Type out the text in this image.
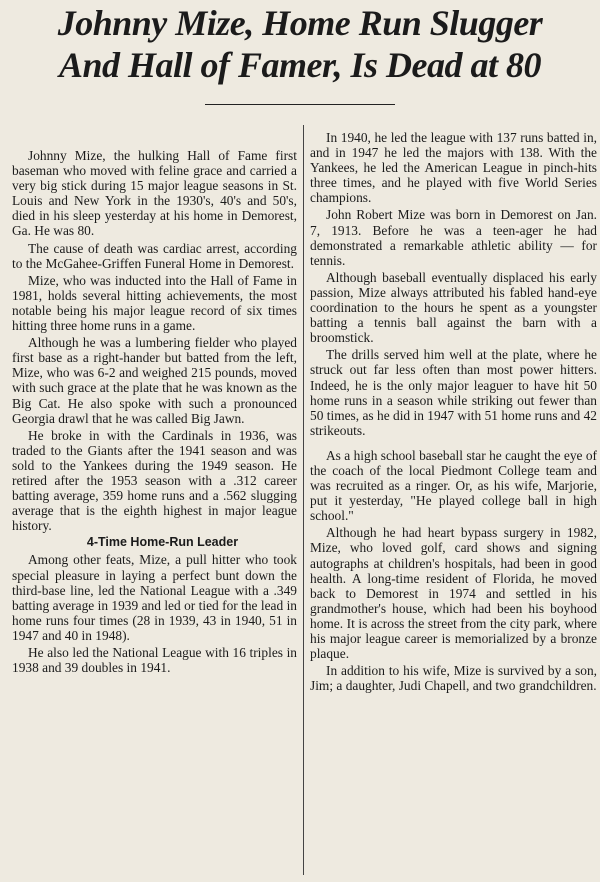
Johnny Mize, Home Run Slugger
And Hall of Famer, Is Dead at 80

Johnny Mize, the hulking Hall of Fame first baseman who moved with feline grace and carried a very big stick during 15 major league seasons in St. Louis and New York in the 1930's, 40's and 50's, died in his sleep yesterday at his home in Demorest, Ga. He was 80.

The cause of death was cardiac arrest, according to the McGahee-Griffen Funeral Home in Demorest.

Mize, who was inducted into the Hall of Fame in 1981, holds several hitting achievements, the most notable being his major league record of six times hitting three home runs in a game.

Although he was a lumbering fielder who played first base as a right-hander but batted from the left, Mize, who was 6-2 and weighed 215 pounds, moved with such grace at the plate that he was known as the Big Cat. He also spoke with such a pronounced Georgia drawl that he was called Big Jawn.

He broke in with the Cardinals in 1936, was traded to the Giants after the 1941 season and was sold to the Yankees during the 1949 season. He retired after the 1953 season with a .312 career batting average, 359 home runs and a .562 slugging average that is the eighth highest in major league history.

4-Time Home-Run Leader

Among other feats, Mize, a pull hitter who took special pleasure in laying a perfect bunt down the third-base line, led the National League with a .349 batting average in 1939 and led or tied for the lead in home runs four times (28 in 1939, 43 in 1940, 51 in 1947 and 40 in 1948).

He also led the National League with 16 triples in 1938 and 39 doubles in 1941.

In 1940, he led the league with 137 runs batted in, and in 1947 he led the majors with 138. With the Yankees, he led the American League in pinch-hits three times, and he played with five World Series champions.

John Robert Mize was born in Demorest on Jan. 7, 1913. Before he was a teen-ager he had demonstrated a remarkable athletic ability — for tennis.

Although baseball eventually displaced his early passion, Mize always attributed his fabled hand-eye coordination to the hours he spent as a youngster batting a tennis ball against the barn with a broomstick.

The drills served him well at the plate, where he struck out far less often than most power hitters. Indeed, he is the only major leaguer to have hit 50 home runs in a season while striking out fewer than 50 times, as he did in 1947 with 51 home runs and 42 strikeouts.

As a high school baseball star he caught the eye of the coach of the local Piedmont College team and was recruited as a ringer. Or, as his wife, Marjorie, put it yesterday, "He played college ball in high school."

Although he had heart bypass surgery in 1982, Mize, who loved golf, card shows and signing autographs at children's hospitals, had been in good health. A long-time resident of Florida, he moved back to Demorest in 1974 and settled in his grandmother's house, which had been his boyhood home. It is across the street from the city park, where his major league career is memorialized by a bronze plaque.

In addition to his wife, Mize is survived by a son, Jim; a daughter, Judi Chapell, and two grandchildren.
